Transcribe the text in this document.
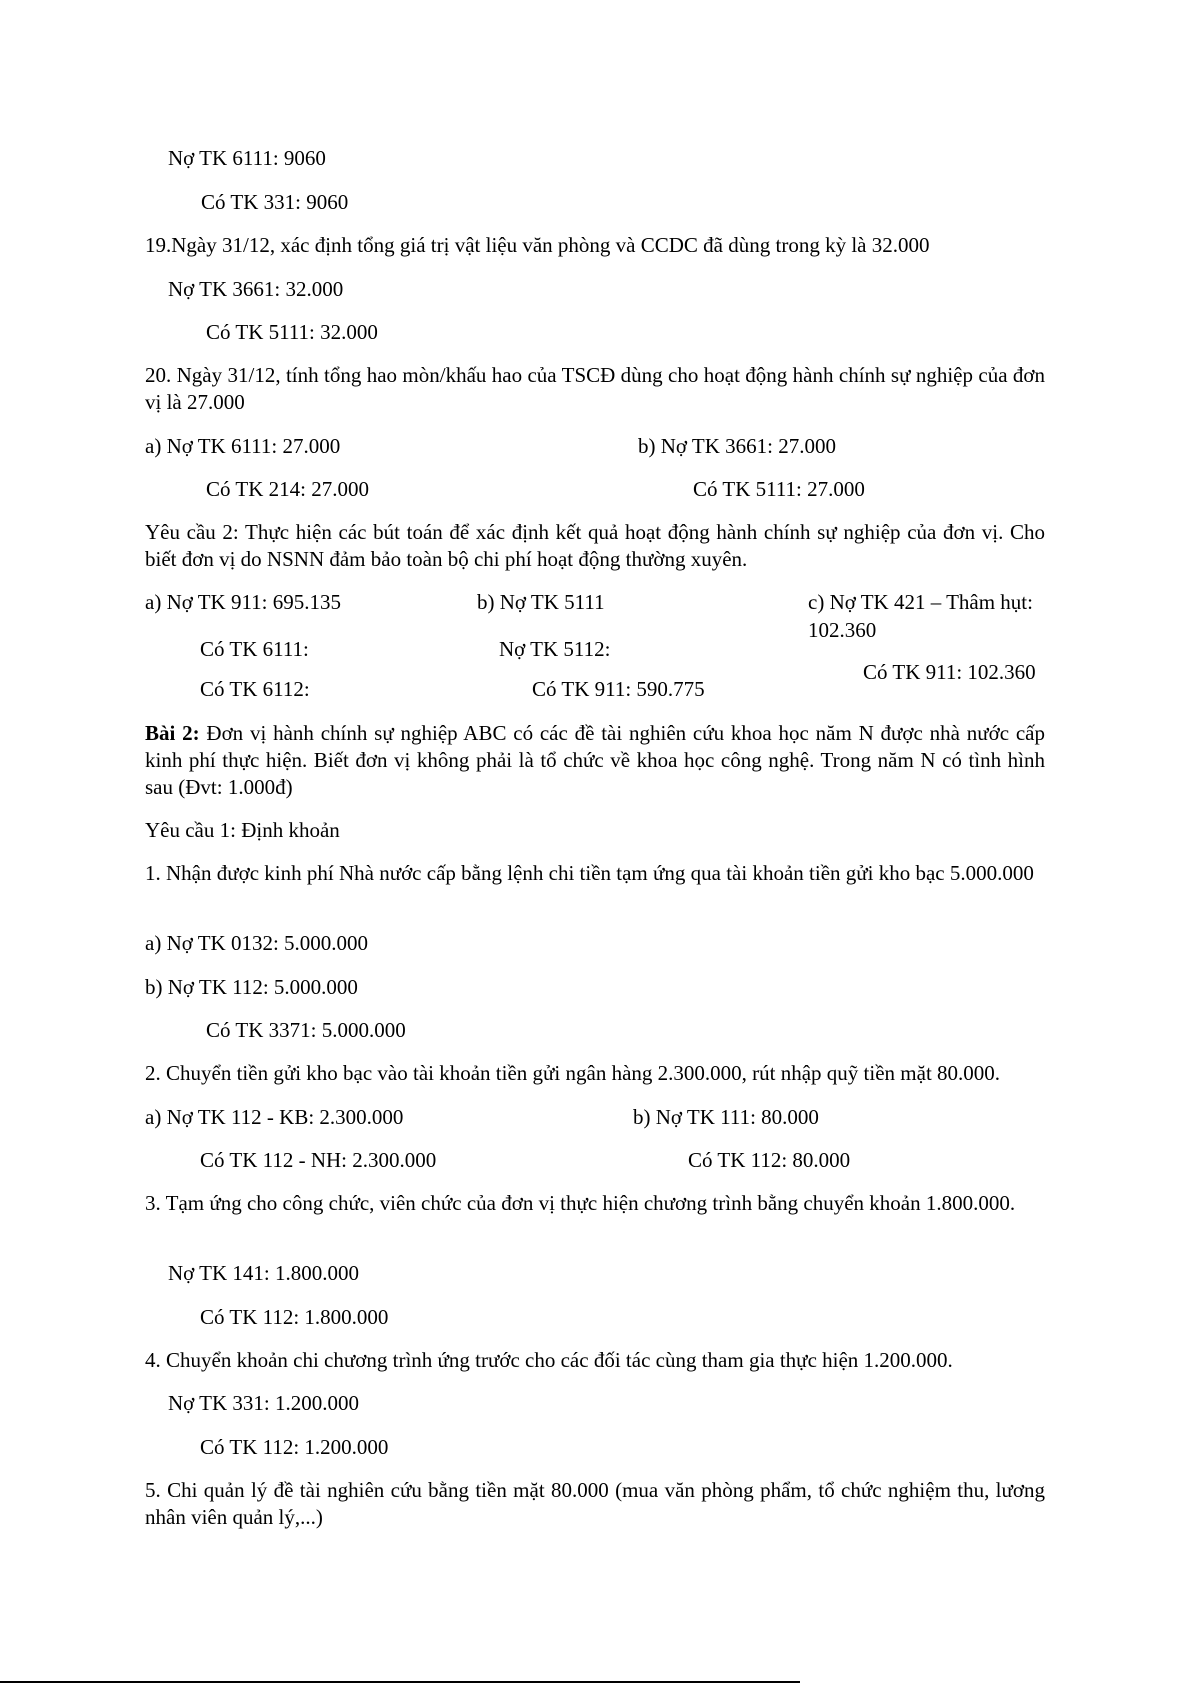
Nợ TK 6111: 9060
Có TK 331: 9060
19.Ngày 31/12, xác định tổng giá trị vật liệu văn phòng và CCDC đã dùng trong kỳ là 32.000
Nợ TK 3661: 32.000
Có TK 5111: 32.000
20. Ngày 31/12, tính tổng hao mòn/khấu hao của TSCĐ dùng cho hoạt động hành chính sự nghiệp của đơn vị là 27.000
a) Nợ TK 6111: 27.000
Có TK 214: 27.000
b) Nợ TK 3661: 27.000
Có TK 5111: 27.000
Yêu cầu 2: Thực hiện các bút toán để xác định kết quả hoạt động hành chính sự nghiệp của đơn vị. Cho biết đơn vị do NSNN đảm bảo toàn bộ chi phí hoạt động thường xuyên.
a) Nợ TK 911: 695.135
Có TK 6111:
Có TK 6112:
b) Nợ TK 5111
Nợ TK 5112:
Có TK 911: 590.775
c) Nợ TK 421 – Thâm hụt:
102.360
Có TK 911: 102.360
Bài 2: Đơn vị hành chính sự nghiệp ABC có các đề tài nghiên cứu khoa học năm N được nhà nước cấp kinh phí thực hiện. Biết đơn vị không phải là tổ chức về khoa học công nghệ. Trong năm N có tình hình sau (Đvt: 1.000đ)
Yêu cầu 1: Định khoản
1. Nhận được kinh phí Nhà nước cấp bằng lệnh chi tiền tạm ứng qua tài khoản tiền gửi kho bạc 5.000.000
a) Nợ TK 0132: 5.000.000
b) Nợ TK 112: 5.000.000
Có TK 3371: 5.000.000
2. Chuyển tiền gửi kho bạc vào tài khoản tiền gửi ngân hàng 2.300.000, rút nhập quỹ tiền mặt 80.000.
a) Nợ TK 112 - KB: 2.300.000
Có TK 112 - NH: 2.300.000
b) Nợ TK 111: 80.000
Có TK 112: 80.000
3. Tạm ứng cho công chức, viên chức của đơn vị thực hiện chương trình bằng chuyển khoản 1.800.000.
Nợ TK 141: 1.800.000
Có TK 112: 1.800.000
4. Chuyển khoản chi chương trình ứng trước cho các đối tác cùng tham gia thực hiện 1.200.000.
Nợ TK 331: 1.200.000
Có TK 112: 1.200.000
5. Chi quản lý đề tài nghiên cứu bằng tiền mặt 80.000 (mua văn phòng phẩm, tổ chức nghiệm thu, lương nhân viên quản lý,...)
